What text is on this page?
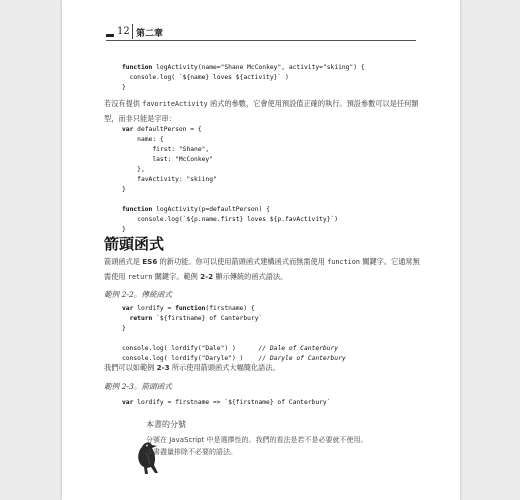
12 第二章
function logActivity(name="Shane McConkey", activity="skiing") {
console.log( `${name} loves ${activity}` )
}
若沒有提供 favoriteActivity 函式的參數，它會使用預設值正確的執行。預設參數可以是任何類型，而非只能是字串：
var defaultPerson = {
name: {
first: "Shane",
last: "McConkey"
},
favActivity: "skiing"
}

function logActivity(p=defaultPerson) {
console.log(`${p.name.first} loves ${p.favActivity}`)
}
箭頭函式
箭頭函式是 ES6 的新功能。你可以使用箭頭函式建構函式而無需使用 function 關鍵字。它通常無需使用 return 關鍵字。範例 2-2 顯示傳統的函式語法。
範例 2-2。傳統函式
var lordify = function(firstname) {
return `${firstname} of Canterbury`
}

console.log( lordify("Dale") )      // Dale of Canterbury
console.log( lordify("Daryle") )    // Daryle of Canterbury
我們可以如範例 2-3 所示使用箭頭函式大幅簡化語法。
範例 2-3。箭頭函式
var lordify = firstname => `${firstname} of Canterbury`

本書的分號
分號在 JavaScript 中是選擇性的。我們的看法是若不是必要就不使用。
本書盡量排除不必要的語法。
